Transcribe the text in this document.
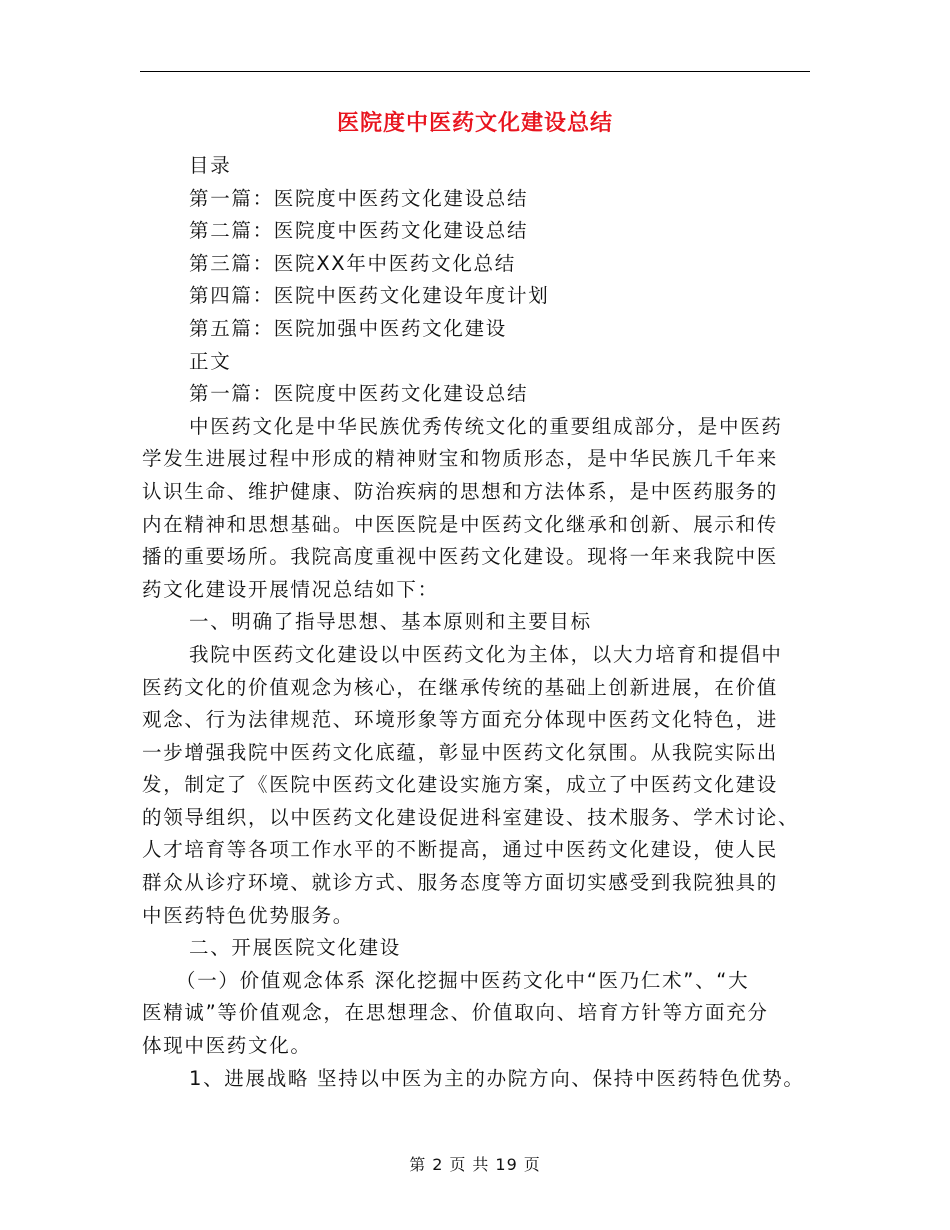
医院度中医药文化建设总结
目录
第一篇：医院度中医药文化建设总结
第二篇：医院度中医药文化建设总结
第三篇：医院XX年中医药文化总结
第四篇：医院中医药文化建设年度计划
第五篇：医院加强中医药文化建设
正文
第一篇：医院度中医药文化建设总结
中医药文化是中华民族优秀传统文化的重要组成部分，是中医药
学发生进展过程中形成的精神财宝和物质形态，是中华民族几千年来
认识生命、维护健康、防治疾病的思想和方法体系，是中医药服务的
内在精神和思想基础。中医医院是中医药文化继承和创新、展示和传
播的重要场所。我院高度重视中医药文化建设。现将一年来我院中医
药文化建设开展情况总结如下：
一、明确了指导思想、基本原则和主要目标
我院中医药文化建设以中医药文化为主体，以大力培育和提倡中
医药文化的价值观念为核心，在继承传统的基础上创新进展，在价值
观念、行为法律规范、环境形象等方面充分体现中医药文化特色，进
一步增强我院中医药文化底蕴，彰显中医药文化氛围。从我院实际出
发，制定了《医院中医药文化建设实施方案，成立了中医药文化建设
的领导组织，以中医药文化建设促进科室建设、技术服务、学术讨论、
人才培育等各项工作水平的不断提高，通过中医药文化建设，使人民
群众从诊疗环境、就诊方式、服务态度等方面切实感受到我院独具的
中医药特色优势服务。
二、开展医院文化建设
（一）价值观念体系 深化挖掘中医药文化中“医乃仁术”、“大
医精诚”等价值观念，在思想理念、价值取向、培育方针等方面充分
体现中医药文化。
1、进展战略 坚持以中医为主的办院方向、保持中医药特色优势。
第 2 页 共 19 页
